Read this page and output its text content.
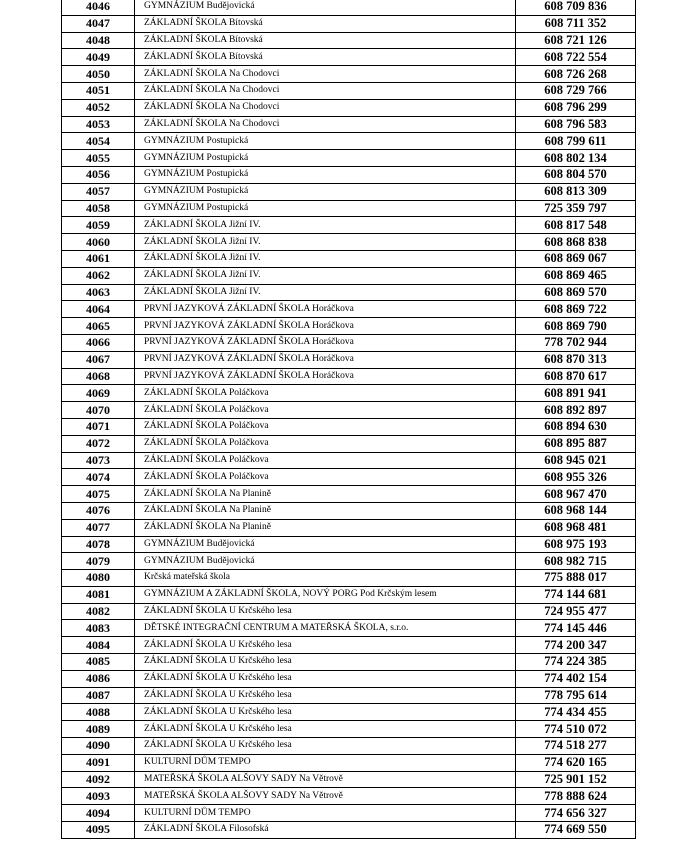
4046	GYMNÁZIUM Budějovická	608 709 836
4047	ZÁKLADNÍ ŠKOLA Bítovská	608 711 352
4048	ZÁKLADNÍ ŠKOLA Bítovská	608 721 126
4049	ZÁKLADNÍ ŠKOLA Bítovská	608 722 554
4050	ZÁKLADNÍ ŠKOLA Na Chodovci	608 726 268
4051	ZÁKLADNÍ ŠKOLA Na Chodovci	608 729 766
4052	ZÁKLADNÍ ŠKOLA Na Chodovci	608 796 299
4053	ZÁKLADNÍ ŠKOLA Na Chodovci	608 796 583
4054	GYMNÁZIUM Postupická	608 799 611
4055	GYMNÁZIUM Postupická	608 802 134
4056	GYMNÁZIUM Postupická	608 804 570
4057	GYMNÁZIUM Postupická	608 813 309
4058	GYMNÁZIUM Postupická	725 359 797
4059	ZÁKLADNÍ ŠKOLA Jižní IV.	608 817 548
4060	ZÁKLADNÍ ŠKOLA Jižní IV.	608 868 838
4061	ZÁKLADNÍ ŠKOLA Jižní IV.	608 869 067
4062	ZÁKLADNÍ ŠKOLA Jižní IV.	608 869 465
4063	ZÁKLADNÍ ŠKOLA Jižní IV.	608 869 570
4064	PRVNÍ JAZYKOVÁ ZÁKLADNÍ ŠKOLA Horáčkova	608 869 722
4065	PRVNÍ JAZYKOVÁ ZÁKLADNÍ ŠKOLA Horáčkova	608 869 790
4066	PRVNÍ JAZYKOVÁ ZÁKLADNÍ ŠKOLA Horáčkova	778 702 944
4067	PRVNÍ JAZYKOVÁ ZÁKLADNÍ ŠKOLA Horáčkova	608 870 313
4068	PRVNÍ JAZYKOVÁ ZÁKLADNÍ ŠKOLA Horáčkova	608 870 617
4069	ZÁKLADNÍ ŠKOLA Poláčkova	608 891 941
4070	ZÁKLADNÍ ŠKOLA Poláčkova	608 892 897
4071	ZÁKLADNÍ ŠKOLA Poláčkova	608 894 630
4072	ZÁKLADNÍ ŠKOLA Poláčkova	608 895 887
4073	ZÁKLADNÍ ŠKOLA Poláčkova	608 945 021
4074	ZÁKLADNÍ ŠKOLA Poláčkova	608 955 326
4075	ZÁKLADNÍ ŠKOLA Na Planině	608 967 470
4076	ZÁKLADNÍ ŠKOLA Na Planině	608 968 144
4077	ZÁKLADNÍ ŠKOLA Na Planině	608 968 481
4078	GYMNÁZIUM Budějovická	608 975 193
4079	GYMNÁZIUM Budějovická	608 982 715
4080	Krčská mateřská škola	775 888 017
4081	GYMNÁZIUM A ZÁKLADNÍ ŠKOLA, NOVÝ PORG Pod Krčským lesem	774 144 681
4082	ZÁKLADNÍ ŠKOLA U Krčského lesa	724 955 477
4083	DĚTSKÉ INTEGRAČNÍ CENTRUM A MATEŘSKÁ ŠKOLA, s.r.o.	774 145 446
4084	ZÁKLADNÍ ŠKOLA U Krčského lesa	774 200 347
4085	ZÁKLADNÍ ŠKOLA U Krčského lesa	774 224 385
4086	ZÁKLADNÍ ŠKOLA U Krčského lesa	774 402 154
4087	ZÁKLADNÍ ŠKOLA U Krčského lesa	778 795 614
4088	ZÁKLADNÍ ŠKOLA U Krčského lesa	774 434 455
4089	ZÁKLADNÍ ŠKOLA U Krčského lesa	774 510 072
4090	ZÁKLADNÍ ŠKOLA U Krčského lesa	774 518 277
4091	KULTURNÍ DŮM TEMPO	774 620 165
4092	MATEŘSKÁ ŠKOLA ALŠOVY SADY Na Větrově	725 901 152
4093	MATEŘSKÁ ŠKOLA ALŠOVY SADY Na Větrově	778 888 624
4094	KULTURNÍ DŮM TEMPO	774 656 327
4095	ZÁKLADNÍ ŠKOLA Filosofská	774 669 550
